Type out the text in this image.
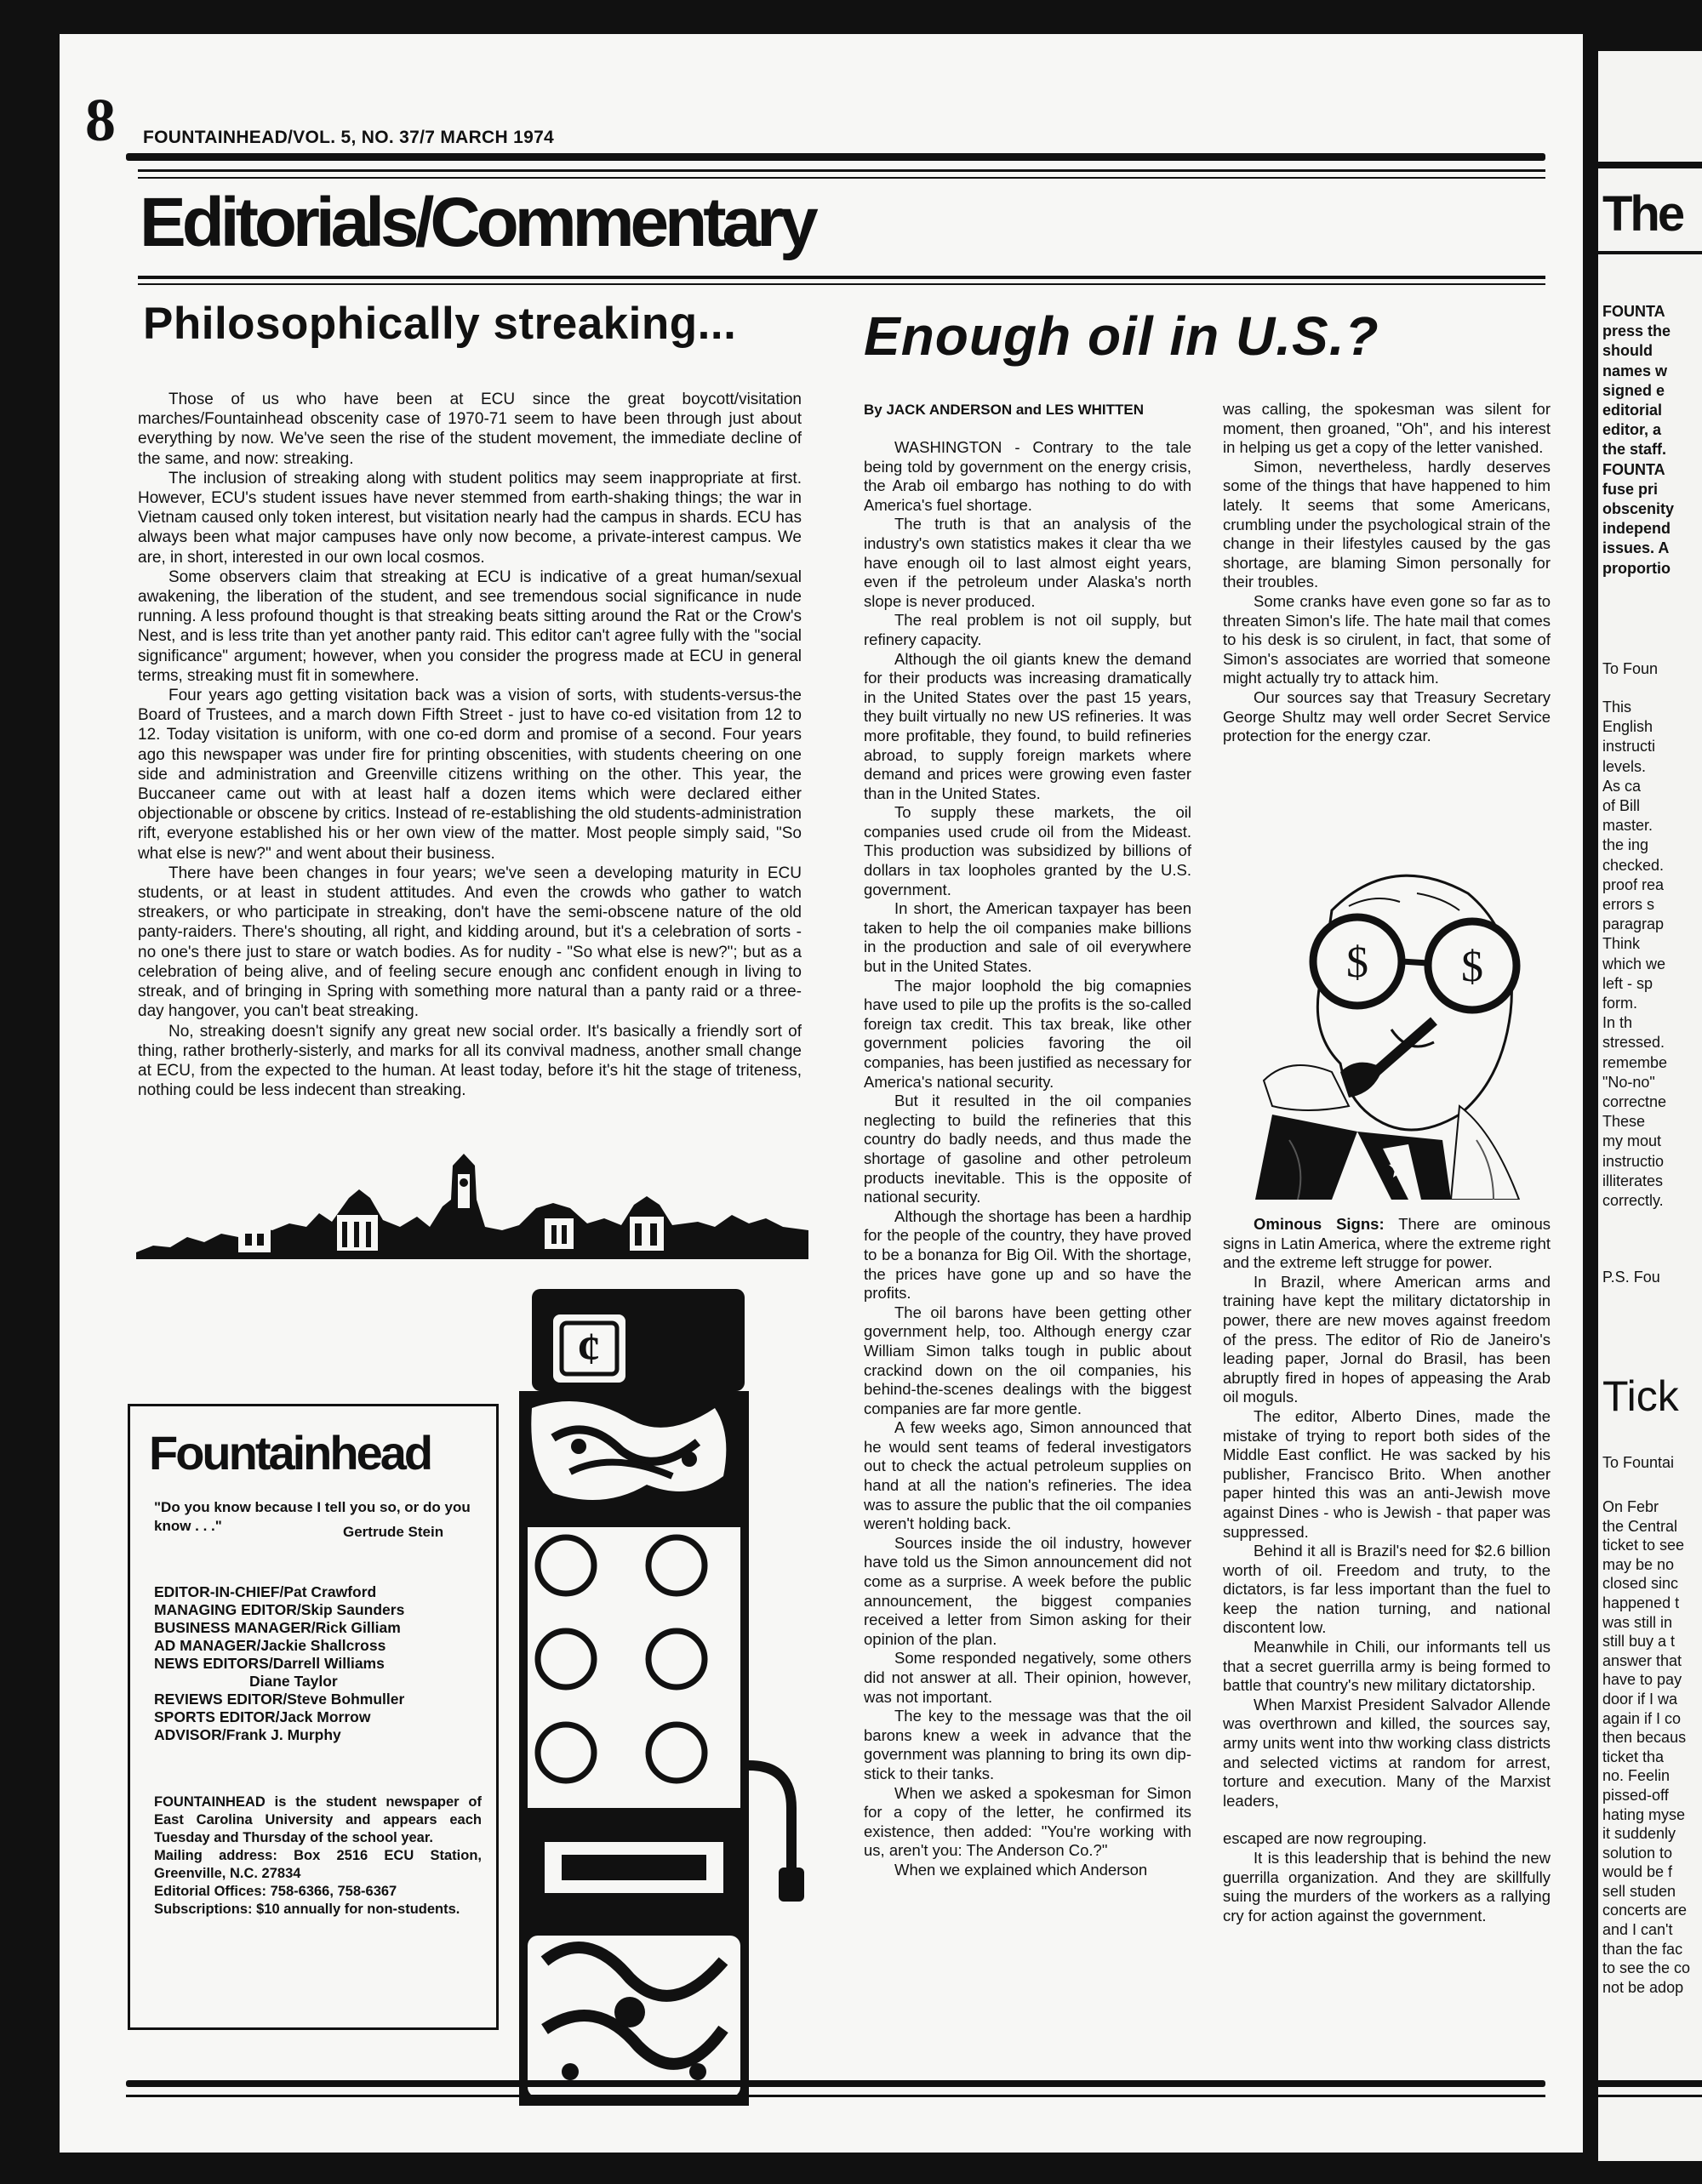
8 FOUNTAINHEAD/VOL. 5, NO. 37/7 MARCH 1974
Editorials/Commentary
Philosophically streaking...

Those of us who have been at ECU since the great boycott/visitation marches/Fountainhead obscenity case of 1970-71 seem to have been through just about everything by now. We've seen the rise of the student movement, the immediate decline of the same, and now: streaking.

The inclusion of streaking along with student politics may seem inappropriate at first. However, ECU's student issues have never stemmed from earth-shaking things; the war in Vietnam caused only token interest, but visitation nearly had the campus in shards. ECU has always been what major campuses have only now become, a private-interest campus. We are, in short, interested in our own local cosmos.

Some observers claim that streaking at ECU is indicative of a great human/sexual awakening, the liberation of the student, and see tremendous social significance in nude running. A less profound thought is that streaking beats sitting around the Rat or the Crow's Nest, and is less trite than yet another panty raid. This editor can't agree fully with the "social significance" argument; however, when you consider the progress made at ECU in general terms, streaking must fit in somewhere.

Four years ago getting visitation back was a vision of sorts, with students-versus-the Board of Trustees, and a march down Fifth Street - just to have co-ed visitation from 12 to 12. Today visitation is uniform, with one co-ed dorm and promise of a second. Four years ago this newspaper was under fire for printing obscenities, with students cheering on one side and administration and Greenville citizens writhing on the other. This year, the Buccaneer came out with at least half a dozen items which were declared either objectionable or obscene by critics. Instead of re-establishing the old students-administration rift, everyone established his or her own view of the matter. Most people simply said, "So what else is new?" and went about their business.

There have been changes in four years; we've seen a developing maturity in ECU students, or at least in student attitudes. And even the crowds who gather to watch streakers, or who participate in streaking, don't have the semi-obscene nature of the old panty-raiders. There's shouting, all right, and kidding around, but it's a celebration of sorts - no one's there just to stare or watch bodies. As for nudity - "So what else is new?"; but as a celebration of being alive, and of feeling secure enough anc confident enough in living to streak, and of bringing in Spring with something more natural than a panty raid or a three-day hangover, you can't beat streaking.

No, streaking doesn't signify any great new social order. It's basically a friendly sort of thing, rather brotherly-sisterly, and marks for all its convival madness, another small change at ECU, from the expected to the human. At least today, before it's hit the stage of triteness, nothing could be less indecent than streaking.

Fountainhead
"Do you know because I tell you so, or do you know . . ."	Gertrude Stein
EDITOR-IN-CHIEF/Pat Crawford
MANAGING EDITOR/Skip Saunders
BUSINESS MANAGER/Rick Gilliam
AD MANAGER/Jackie Shallcross
NEWS EDITORS/Darrell Williams
Diane Taylor
REVIEWS EDITOR/Steve Bohmuller
SPORTS EDITOR/Jack Morrow
ADVISOR/Frank J. Murphy

FOUNTAINHEAD is the student newspaper of East Carolina University and appears each Tuesday and Thursday of the school year.

Mailing address: Box 2516 ECU Station, Greenville, N.C. 27834

Editorial Offices: 758-6366, 758-6367

Subscriptions: $10 annually for non-students.

¢
Enough oil in U.S.?
By JACK ANDERSON and LES WHITTEN

WASHINGTON - Contrary to the tale being told by government on the energy crisis, the Arab oil embargo has nothing to do with America's fuel shortage.

The truth is that an analysis of the industry's own statistics makes it clear tha we have enough oil to last almost eight years, even if the petroleum under Alaska's north slope is never produced.

The real problem is not oil supply, but refinery capacity.

Although the oil giants knew the demand for their products was increasing dramatically in the United States over the past 15 years, they built virtually no new US refineries. It was more profitable, they found, to build refineries abroad, to supply foreign markets where demand and prices were growing even faster than in the United States.

To supply these markets, the oil companies used crude oil from the Mideast. This production was subsidized by billions of dollars in tax loopholes granted by the U.S. government.

In short, the American taxpayer has been taken to help the oil companies make billions in the production and sale of oil everywhere but in the United States.

The major loophold the big comapnies have used to pile up the profits is the so-called foreign tax credit. This tax break, like other government policies favoring the oil companies, has been justified as necessary for America's national security.

But it resulted in the oil companies neglecting to build the refineries that this country do badly needs, and thus made the shortage of gasoline and other petroleum products inevitable. This is the opposite of national security.

Although the shortage has been a hardhip for the people of the country, they have proved to be a bonanza for Big Oil. With the shortage, the prices have gone up and so have the profits.

The oil barons have been getting other government help, too. Although energy czar William Simon talks tough in public about crackind down on the oil companies, his behind-the-scenes dealings with the biggest companies are far more gentle.

A few weeks ago, Simon announced that he would sent teams of federal investigators out to check the actual petroleum supplies on hand at all the nation's refineries. The idea was to assure the public that the oil companies weren't holding back.

Sources inside the oil industry, however have told us the Simon announcement did not come as a surprise. A week before the public announcement, the biggest companies received a letter from Simon asking for their opinion of the plan.

Some responded negatively, some others did not answer at all. Their opinion, however, was not important.

The key to the message was that the oil barons knew a week in advance that the government was planning to bring its own dip-stick to their tanks.

When we asked a spokesman for Simon for a copy of the letter, he confirmed its existence, then added: "You're working with us, aren't you: The Anderson Co.?"

When we explained which Anderson

was calling, the spokesman was silent for moment, then groaned, "Oh", and his interest in helping us get a copy of the letter vanished.

Simon, nevertheless, hardly deserves some of the things that have happened to him lately. It seems that some Americans, crumbling under the psychological strain of the change in their lifestyles caused by the gas shortage, are blaming Simon personally for their troubles.

Some cranks have even gone so far as to threaten Simon's life. The hate mail that comes to his desk is so cirulent, in fact, that some of Simon's associates are worried that someone might actually try to attack him.

Our sources say that Treasury Secretary George Shultz may well order Secret Service protection for the energy czar.

$ $

Ominous Signs: There are ominous signs in Latin America, where the extreme right and the extreme left strugge for power.

In Brazil, where American arms and training have kept the military dictatorship in power, there are new moves against freedom of the press. The editor of Rio de Janeiro's leading paper, Jornal do Brasil, has been abruptly fired in hopes of appeasing the Arab oil moguls.

The editor, Alberto Dines, made the mistake of trying to report both sides of the Middle East conflict. He was sacked by his publisher, Francisco Brito. When another paper hinted this was an anti-Jewish move against Dines - who is Jewish - that paper was suppressed.

Behind it all is Brazil's need for $2.6 billion worth of oil. Freedom and truty, to the dictators, is far less important than the fuel to keep the nation turning, and national discontent low.

Meanwhile in Chili, our informants tell us that a secret guerrilla army is being formed to battle that country's new military dictatorship.

When Marxist President Salvador Allende was overthrown and killed, the sources say, army units went into thw working class districts and selected victims at random for arrest, torture and execution. Many of the Marxist leaders,

escaped are now regrouping.

It is this leadership that is behind the new guerrilla organization. And they are skillfully suing the murders of the workers as a rallying cry for action against the government.

The

FOUNTA

press the

should

names w

signed e

editorial

editor, a

the staff.

FOUNTA

fuse pri

obscenity

independ

issues. A

proportio

To Foun

This

English

instructi

levels.

As ca

of Bill

master.

the ing

checked.

proof rea

errors s

paragrap

Think

which we

left - sp

form.

In th

stressed.

remembe

"No-no"

correctne

These

my mout

instructio

illiterates

correctly.

P.S. Fou
Tick
To Fountai

On Febr

the Central

ticket to see

may be no

closed sinc

happened t

was still in

still buy a t

answer that

have to pay

door if I wa

again if I co

then becaus

ticket tha

no. Feelin

pissed-off

hating myse

it suddenly

solution to

would be f

sell studen

concerts are

and I can't

than the fac

to see the co

not be adop
